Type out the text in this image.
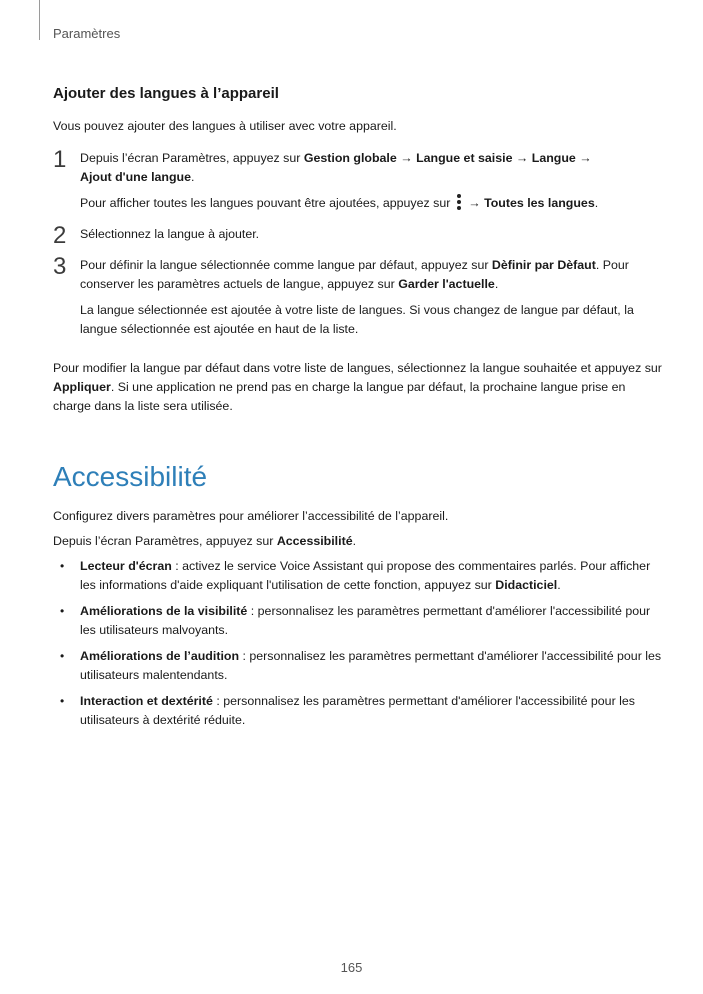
Paramètres
Ajouter des langues à l’appareil

Vous pouvez ajouter des langues à utiliser avec votre appareil.

1 Depuis l’écran Paramètres, appuyez sur Gestion globale → Langue et saisie → Langue →
Ajout d'une langue.

Pour afficher toutes les langues pouvant être ajoutées, appuyez sur
→ Toutes les langues.

2 Sélectionnez la langue à ajouter.

3 Pour définir la langue sélectionnée comme langue par défaut, appuyez sur Dèfinir par Dèfaut. Pour conserver les paramètres actuels de langue, appuyez sur Garder l'actuelle.

La langue sélectionnée est ajoutée à votre liste de langues. Si vous changez de langue par défaut, la langue sélectionnée est ajoutée en haut de la liste.

Pour modifier la langue par défaut dans votre liste de langues, sélectionnez la langue souhaitée et appuyez sur Appliquer. Si une application ne prend pas en charge la langue par défaut, la prochaine langue prise en charge dans la liste sera utilisée.

Accessibilité

Configurez divers paramètres pour améliorer l’accessibilité de l’appareil.

Depuis l’écran Paramètres, appuyez sur Accessibilité.

• Lecteur d'écran : activez le service Voice Assistant qui propose des commentaires parlés. Pour afficher les informations d'aide expliquant l'utilisation de cette fonction, appuyez sur Didacticiel.
• Améliorations de la visibilité : personnalisez les paramètres permettant d'améliorer l'accessibilité pour les utilisateurs malvoyants.
• Améliorations de l’audition : personnalisez les paramètres permettant d'améliorer l'accessibilité pour les utilisateurs malentendants.
• Interaction et dextérité : personnalisez les paramètres permettant d'améliorer l'accessibilité pour les utilisateurs à dextérité réduite.
165
